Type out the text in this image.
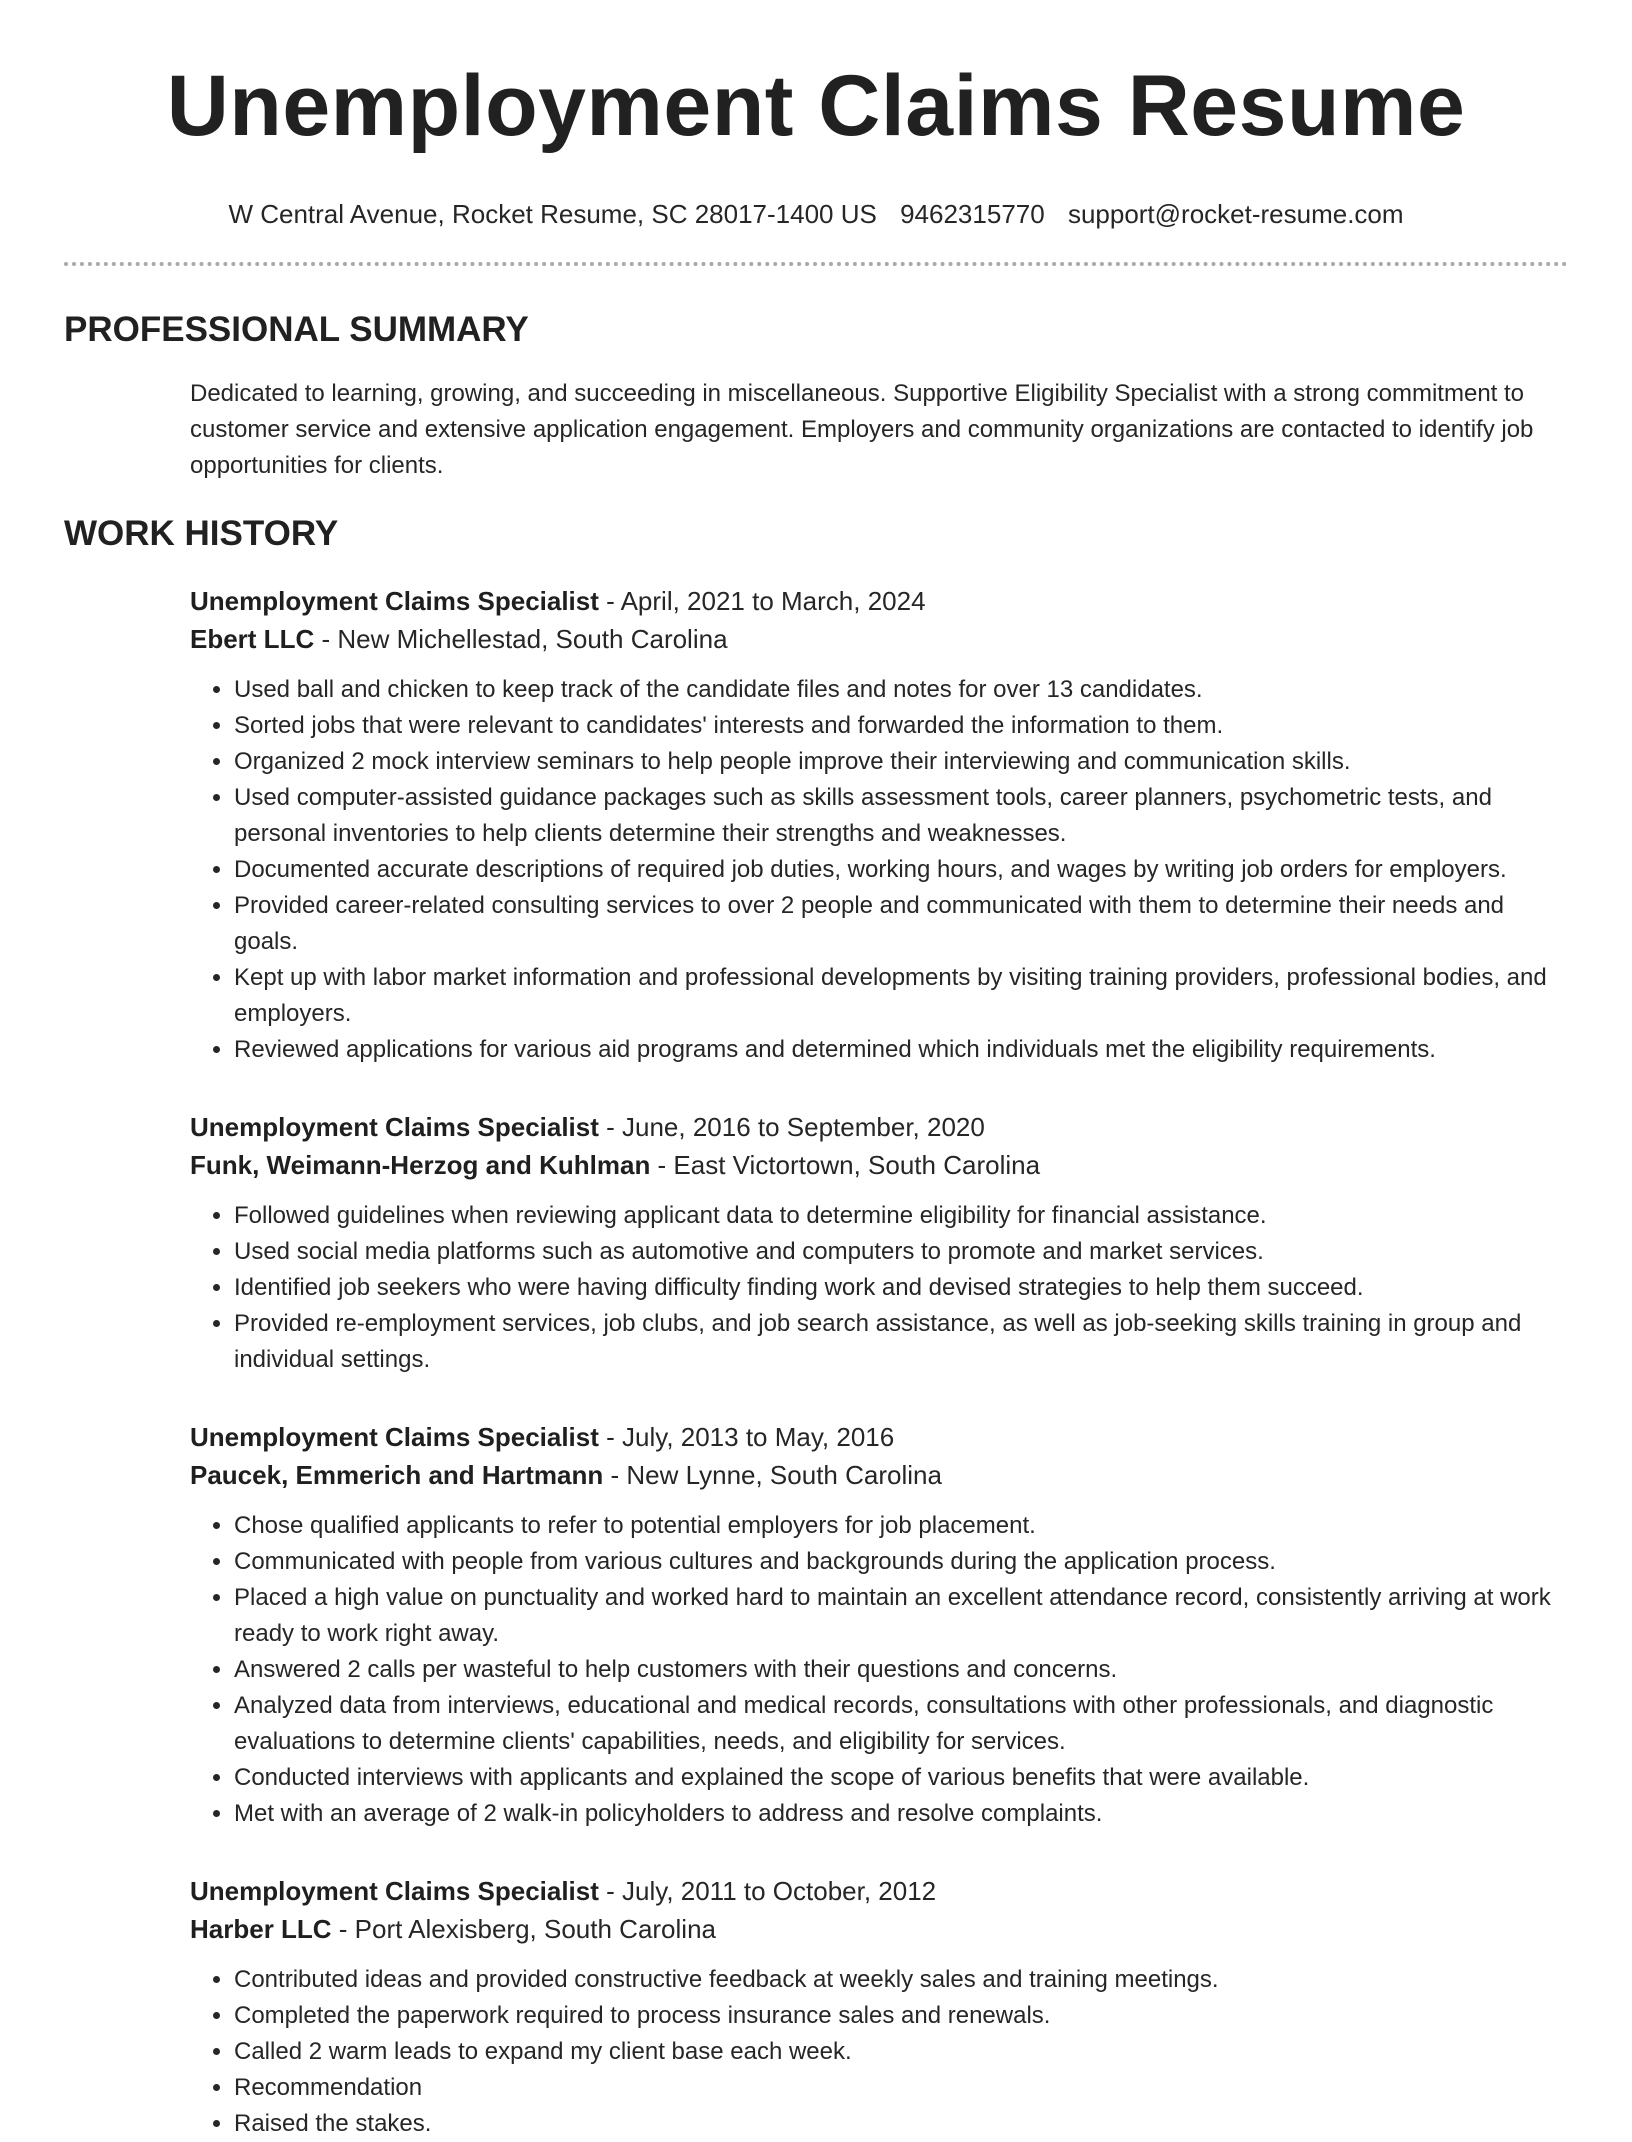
Unemployment Claims Resume
W Central Avenue, Rocket Resume, SC 28017-1400 US 9462315770 support@rocket-resume.com
PROFESSIONAL SUMMARY

Dedicated to learning, growing, and succeeding in miscellaneous. Supportive Eligibility Specialist with a strong commitment to customer service and extensive application engagement. Employers and community organizations are contacted to identify job opportunities for clients.

WORK HISTORY
Unemployment Claims Specialist - April, 2021 to March, 2024
Ebert LLC - New Michellestad, South Carolina
• Used ball and chicken to keep track of the candidate files and notes for over 13 candidates.
• Sorted jobs that were relevant to candidates' interests and forwarded the information to them.
• Organized 2 mock interview seminars to help people improve their interviewing and communication skills.
• Used computer-assisted guidance packages such as skills assessment tools, career planners, psychometric tests, and personal inventories to help clients determine their strengths and weaknesses.
• Documented accurate descriptions of required job duties, working hours, and wages by writing job orders for employers.
• Provided career-related consulting services to over 2 people and communicated with them to determine their needs and goals.
• Kept up with labor market information and professional developments by visiting training providers, professional bodies, and employers.
• Reviewed applications for various aid programs and determined which individuals met the eligibility requirements.
Unemployment Claims Specialist - June, 2016 to September, 2020
Funk, Weimann-Herzog and Kuhlman - East Victortown, South Carolina
• Followed guidelines when reviewing applicant data to determine eligibility for financial assistance.
• Used social media platforms such as automotive and computers to promote and market services.
• Identified job seekers who were having difficulty finding work and devised strategies to help them succeed.
• Provided re-employment services, job clubs, and job search assistance, as well as job-seeking skills training in group and individual settings.
Unemployment Claims Specialist - July, 2013 to May, 2016
Paucek, Emmerich and Hartmann - New Lynne, South Carolina
• Chose qualified applicants to refer to potential employers for job placement.
• Communicated with people from various cultures and backgrounds during the application process.
• Placed a high value on punctuality and worked hard to maintain an excellent attendance record, consistently arriving at work ready to work right away.
• Answered 2 calls per wasteful to help customers with their questions and concerns.
• Analyzed data from interviews, educational and medical records, consultations with other professionals, and diagnostic evaluations to determine clients' capabilities, needs, and eligibility for services.
• Conducted interviews with applicants and explained the scope of various benefits that were available.
• Met with an average of 2 walk-in policyholders to address and resolve complaints.
Unemployment Claims Specialist - July, 2011 to October, 2012
Harber LLC - Port Alexisberg, South Carolina
• Contributed ideas and provided constructive feedback at weekly sales and training meetings.
• Completed the paperwork required to process insurance sales and renewals.
• Called 2 warm leads to expand my client base each week.
• Recommendation
• Raised the stakes.
